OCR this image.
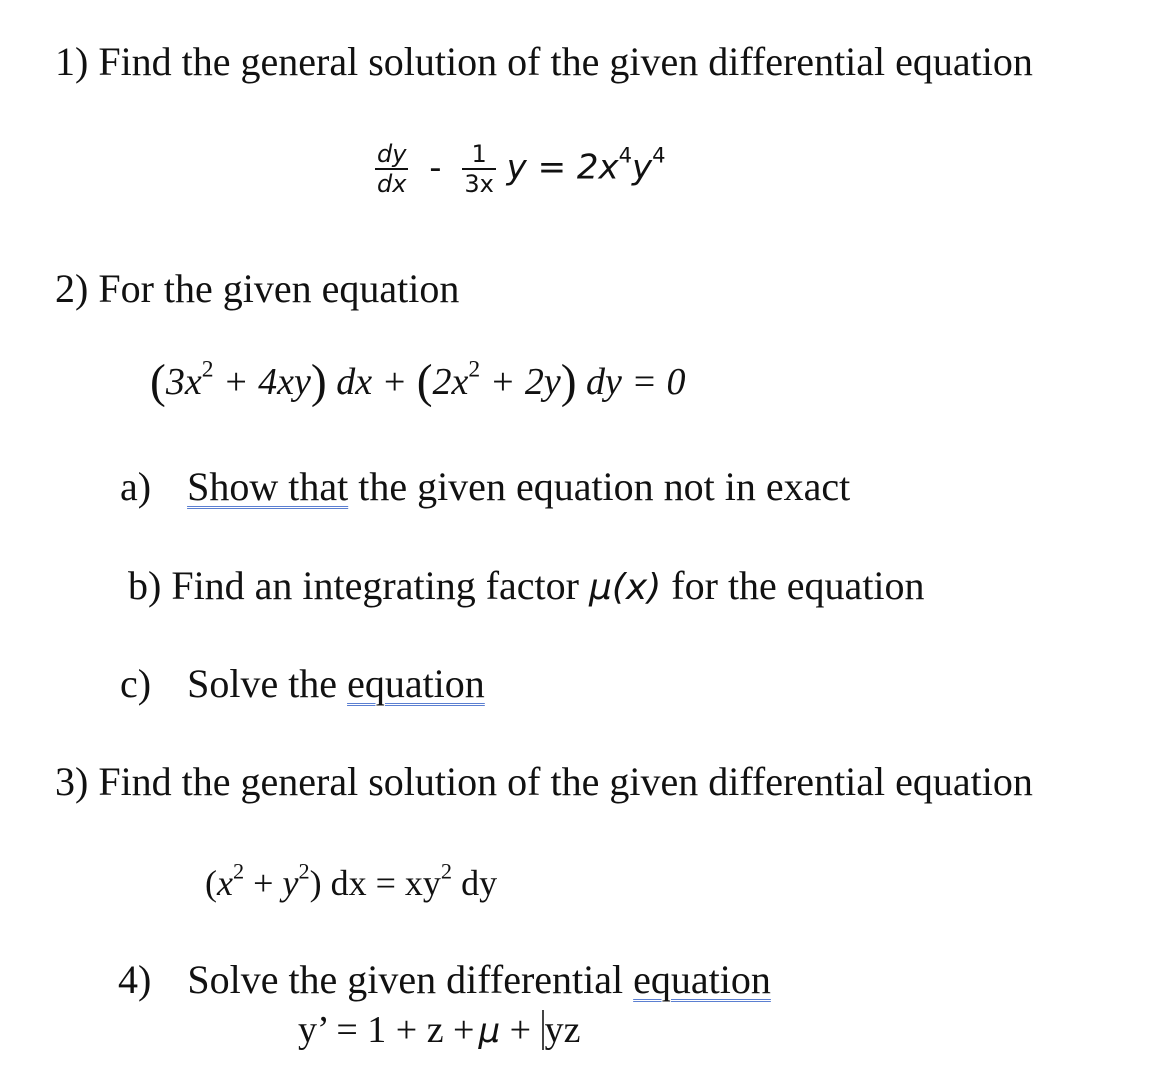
1) Find the general solution of the given differential equation
$\frac{dy}{dx} - \frac{1}{3x}$ $y = 2x^4y^4$
2) For the given equation
$(3x^2 + 4xy)$ dx + $(2x^2 + 2y)$ dy = 0
a) Show that the given equation not in exact
b) Find an integrating factor μ(x) for the equation
c) Solve the equation
3) Find the general solution of the given differential equation
$(x^2 + y^2)$ dx = $xy^2$ dy
4) Solve the given differential equation
y’ = 1 + z + μ + yz
